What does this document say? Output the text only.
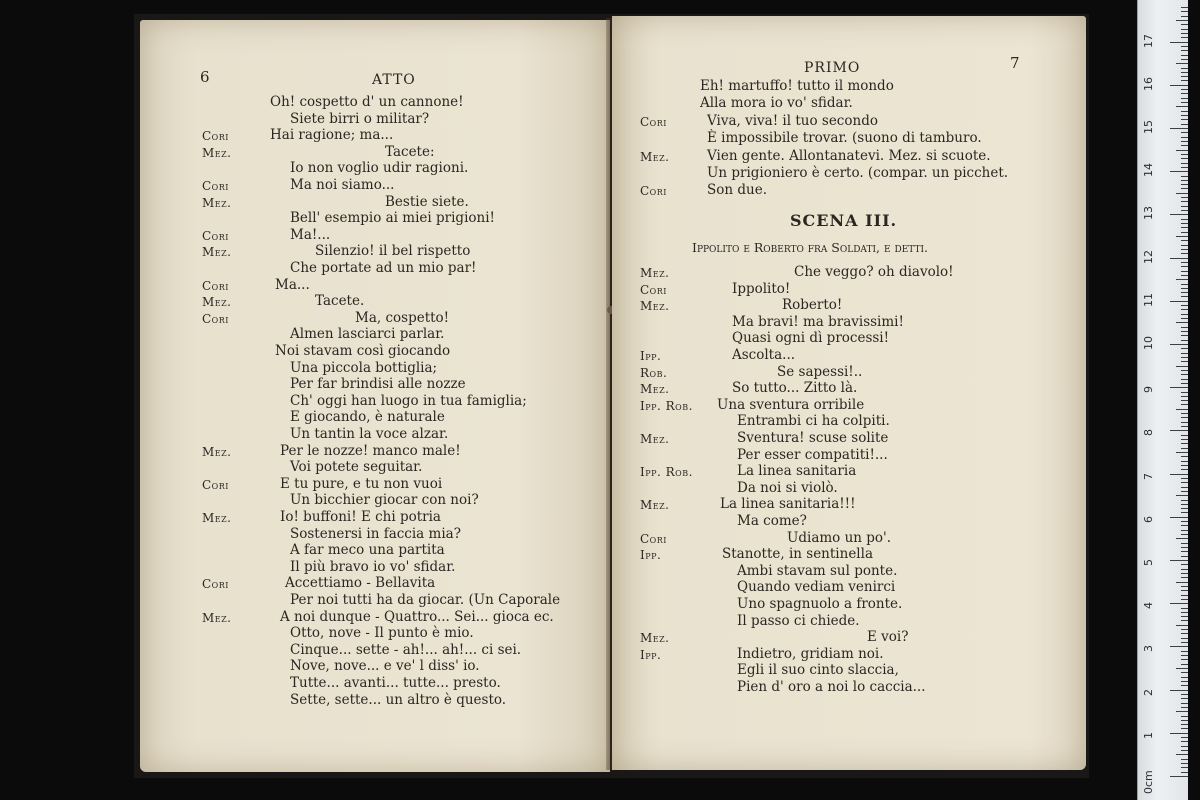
6	ATTO
Oh! cospetto d' un cannone!
Siete birri o militar?
Cori	Hai ragione; ma...
Mez.	Tacete:
Io non voglio udir ragioni.
Cori	Ma noi siamo...
Mez.	Bestie siete.
Bell' esempio ai miei prigioni!
Cori	Ma!...
Mez.	Silenzio! il bel rispetto
Che portate ad un mio par!
Cori	Ma...
Mez.	Tacete.
Cori	Ma, cospetto!
Almen lasciarci parlar.
Noi stavam così giocando
Una piccola bottiglia;
Per far brindisi alle nozze
Ch' oggi han luogo in tua famiglia;
E giocando, è naturale
Un tantin la voce alzar.
Mez.	Per le nozze! manco male!
Voi potete seguitar.
Cori	E tu pure, e tu non vuoi
Un bicchier giocar con noi?
Mez.	Io! buffoni! E chi potria
Sostenersi in faccia mia?
A far meco una partita
Il più bravo io vo' sfidar.
Cori	Accettiamo - Bellavita
Per noi tutti ha da giocar. (Un Caporale
Mez.	A noi dunque - Quattro... Sei... gioca ec.
Otto, nove - Il punto è mio.
Cinque... sette - ah!... ah!... ci sei.
Nove, nove... e ve' l diss' io.
Tutte... avanti... tutte... presto.
Sette, sette... un altro è questo.
PRIMO	7
Eh! martuffo! tutto il mondo
Alla mora io vo' sfidar.
Cori	Viva, viva! il tuo secondo
È impossibile trovar. (suono di tamburo.
Mez.	Vien gente. Allontanatevi. Mez. si scuote.
Un prigioniero è certo. (compar. un picchet.
Cori	Son due.
SCENA III.
Ippolito e Roberto fra Soldati, e detti.
Mez.	Che veggo? oh diavolo!
Cori	Ippolito!
Mez.	Roberto!
Ma bravi! ma bravissimi!
Quasi ogni dì processi!
Ipp.	Ascolta...
Rob.	Se sapessi!..
Mez.	So tutto... Zitto là.
Ipp. Rob. Una sventura orribile
Entrambi ci ha colpiti.
Mez.	Sventura! scuse solite
Per esser compatiti!...
Ipp. Rob.	La linea sanitaria
Da noi si violò.
Mez.	La linea sanitaria!!!
Ma come?
Cori	Udiamo un po'.
Ipp.	Stanotte, in sentinella
Ambi stavam sul ponte.
Quando vediam venirci
Uno spagnuolo a fronte.
Il passo ci chiede.
Mez.	E voi?
Ipp.	Indietro, gridiam noi.
Egli il suo cinto slaccia,
Pien d' oro a noi lo caccia...
0cm
1
2
3
4
5
6
7
8
9
10
11
12
13
14
15
16
17
